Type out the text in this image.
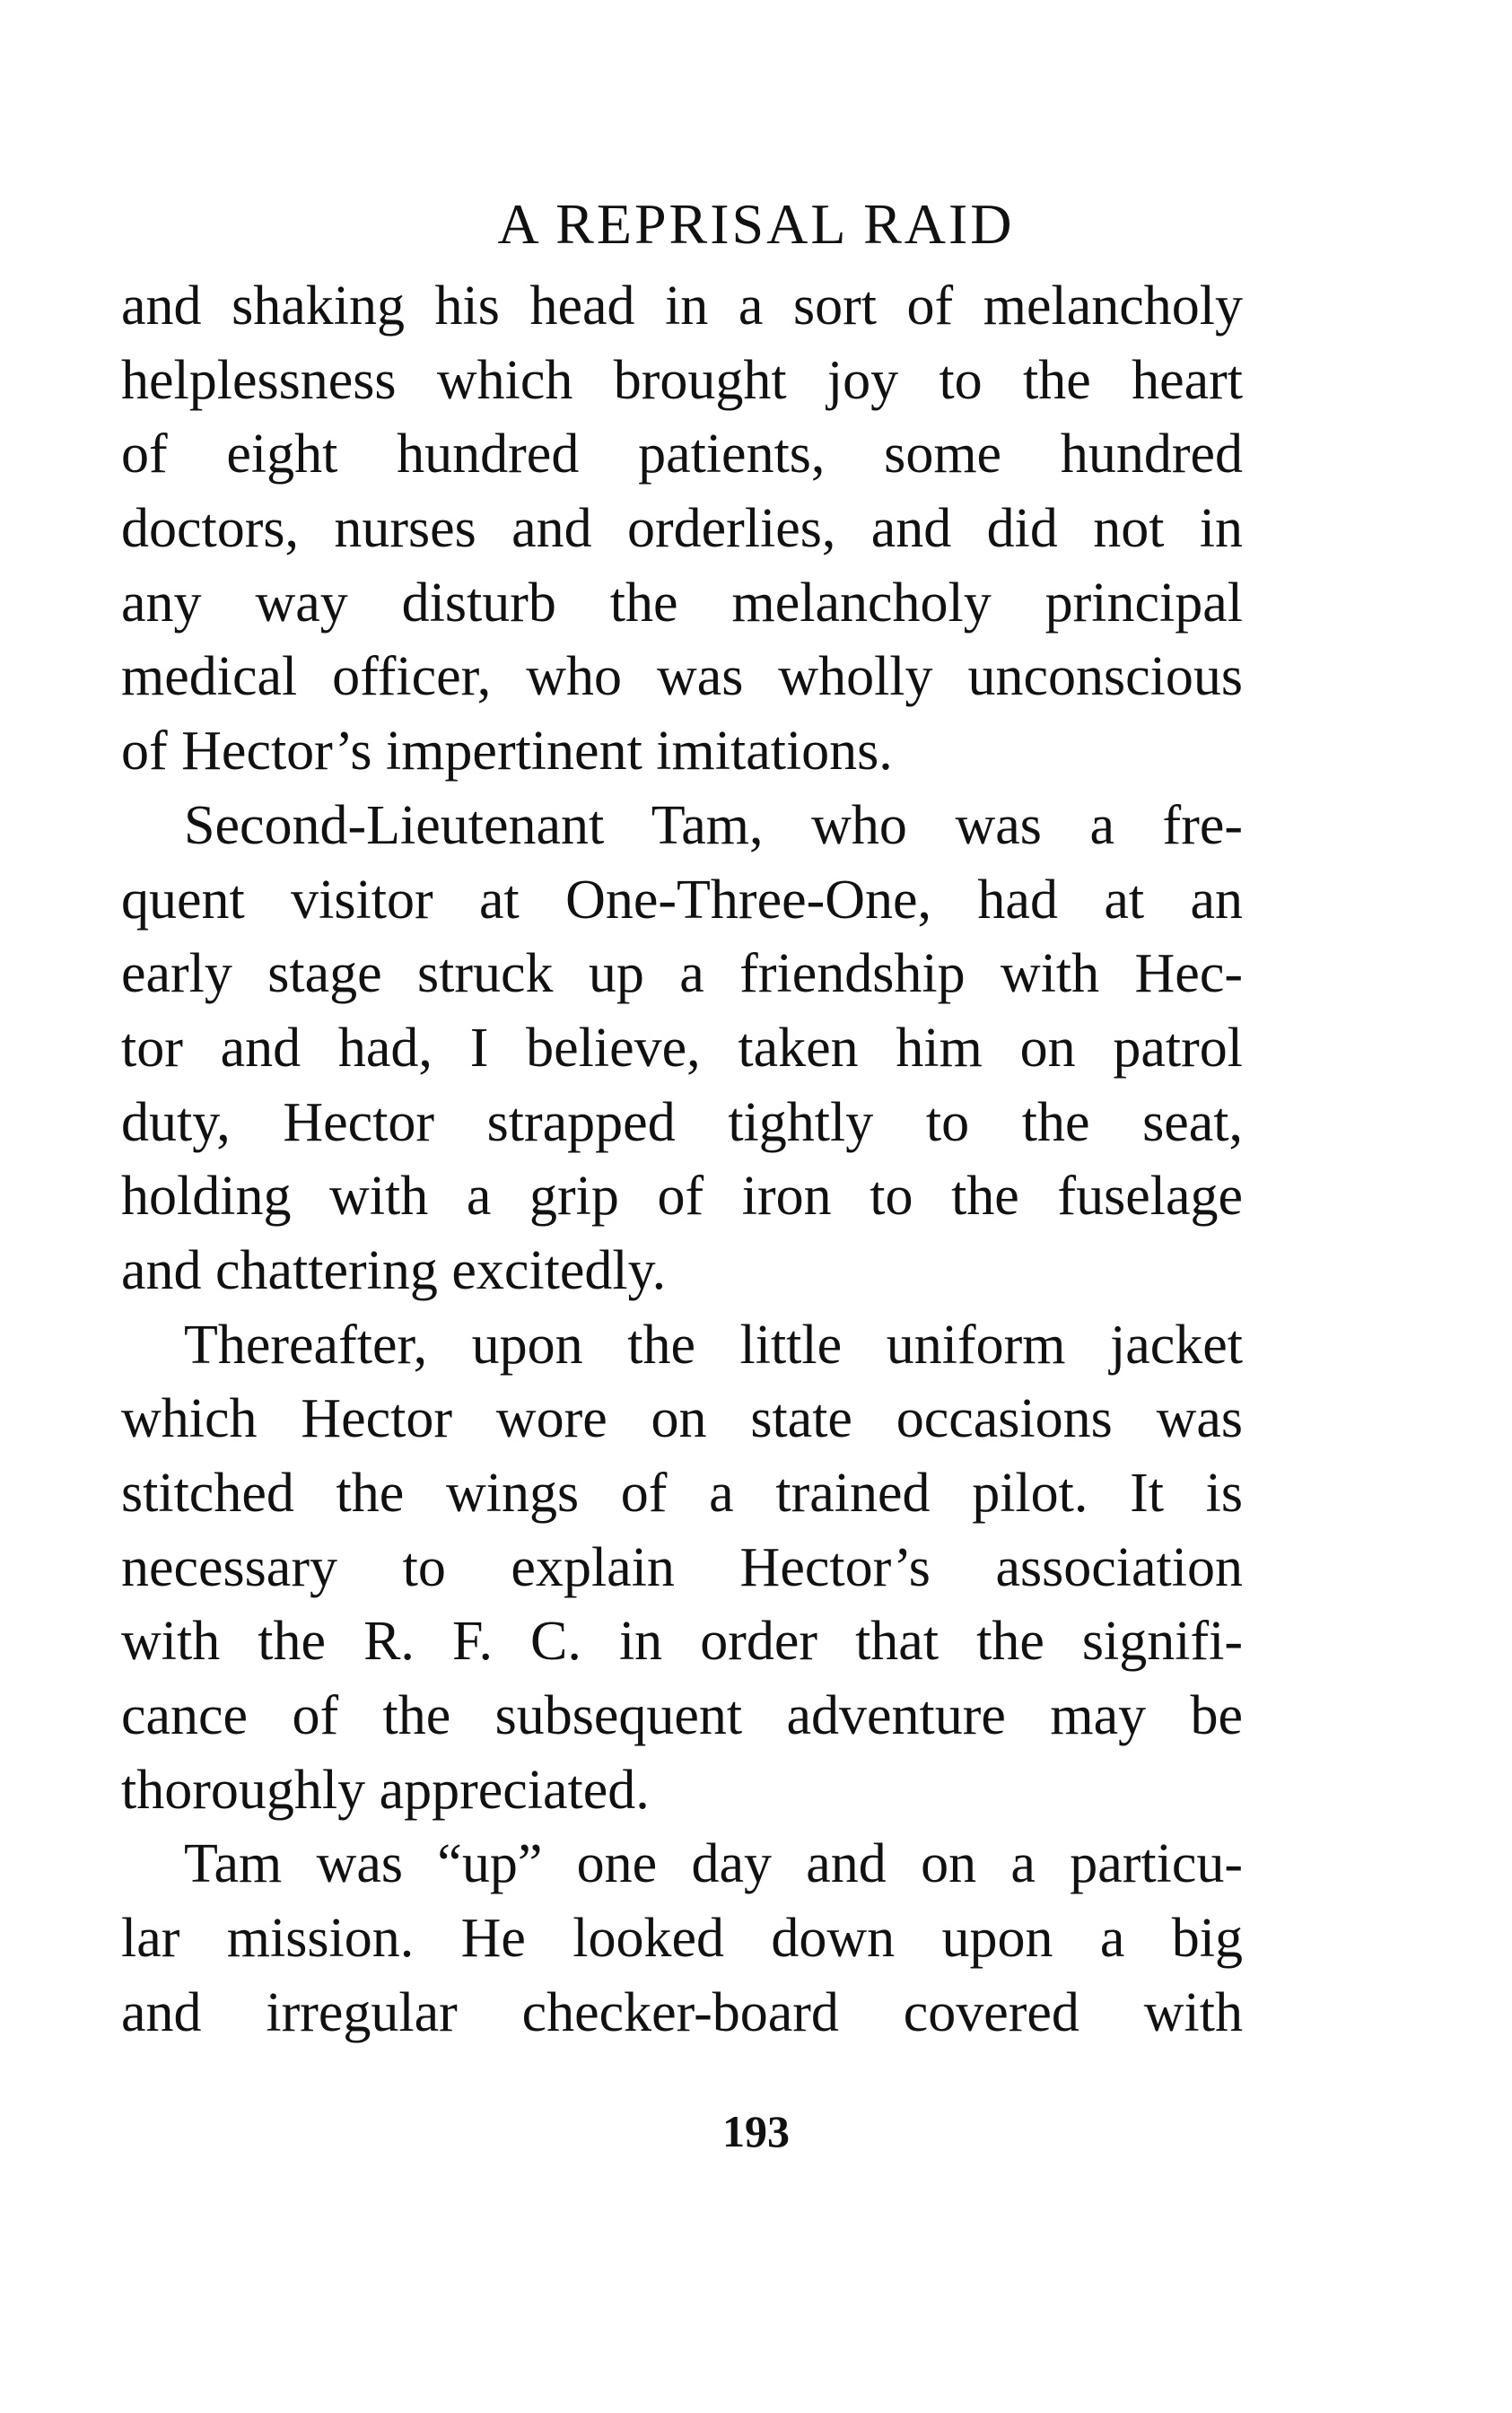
A REPRISAL RAID
and shaking his head in a sort of melancholy
helplessness which brought joy to the heart
of eight hundred patients, some hundred
doctors, nurses and orderlies, and did not in
any way disturb the melancholy principal
medical officer, who was wholly unconscious
of Hector’s impertinent imitations.
Second-Lieutenant Tam, who was a fre-
quent visitor at One-Three-One, had at an
early stage struck up a friendship with Hec-
tor and had, I believe, taken him on patrol
duty, Hector strapped tightly to the seat,
holding with a grip of iron to the fuselage
and chattering excitedly.
Thereafter, upon the little uniform jacket
which Hector wore on state occasions was
stitched the wings of a trained pilot. It is
necessary to explain Hector’s association
with the R. F. C. in order that the signifi-
cance of the subsequent adventure may be
thoroughly appreciated.
Tam was “up” one day and on a particu-
lar mission. He looked down upon a big
and irregular checker-board covered with
193
